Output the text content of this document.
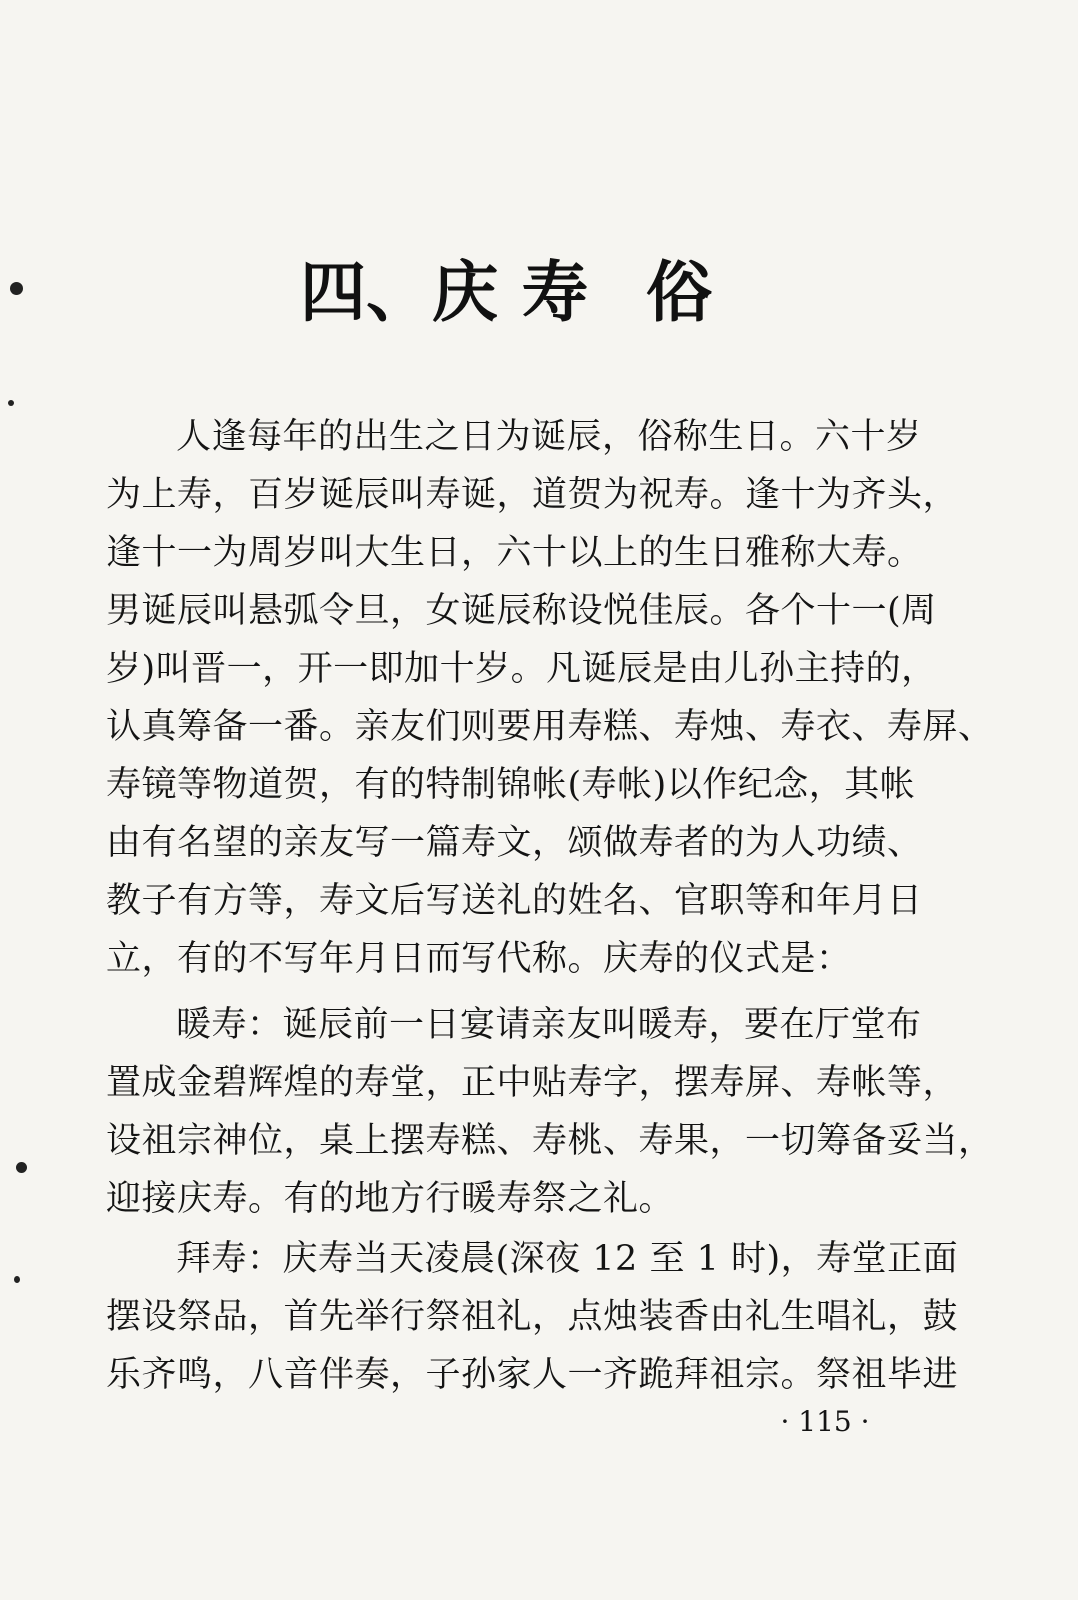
四、庆 寿 俗
人逢每年的出生之日为诞辰，俗称生日。六十岁
为上寿，百岁诞辰叫寿诞，道贺为祝寿。逢十为齐头，
逢十一为周岁叫大生日，六十以上的生日雅称大寿。
男诞辰叫悬弧令旦，女诞辰称设悦佳辰。各个十一(周
岁)叫晋一，开一即加十岁。凡诞辰是由儿孙主持的，
认真筹备一番。亲友们则要用寿糕、寿烛、寿衣、寿屏、
寿镜等物道贺，有的特制锦帐(寿帐)以作纪念，其帐
由有名望的亲友写一篇寿文，颂做寿者的为人功绩、
教子有方等，寿文后写送礼的姓名、官职等和年月日
立，有的不写年月日而写代称。庆寿的仪式是：
暖寿：诞辰前一日宴请亲友叫暖寿，要在厅堂布
置成金碧辉煌的寿堂，正中贴寿字，摆寿屏、寿帐等，
设祖宗神位，桌上摆寿糕、寿桃、寿果，一切筹备妥当，
迎接庆寿。有的地方行暖寿祭之礼。
拜寿：庆寿当天凌晨(深夜 12 至 1 时)，寿堂正面
摆设祭品，首先举行祭祖礼，点烛装香由礼生唱礼，鼓
乐齐鸣，八音伴奏，子孙家人一齐跪拜祖宗。祭祖毕进
· 115 ·
